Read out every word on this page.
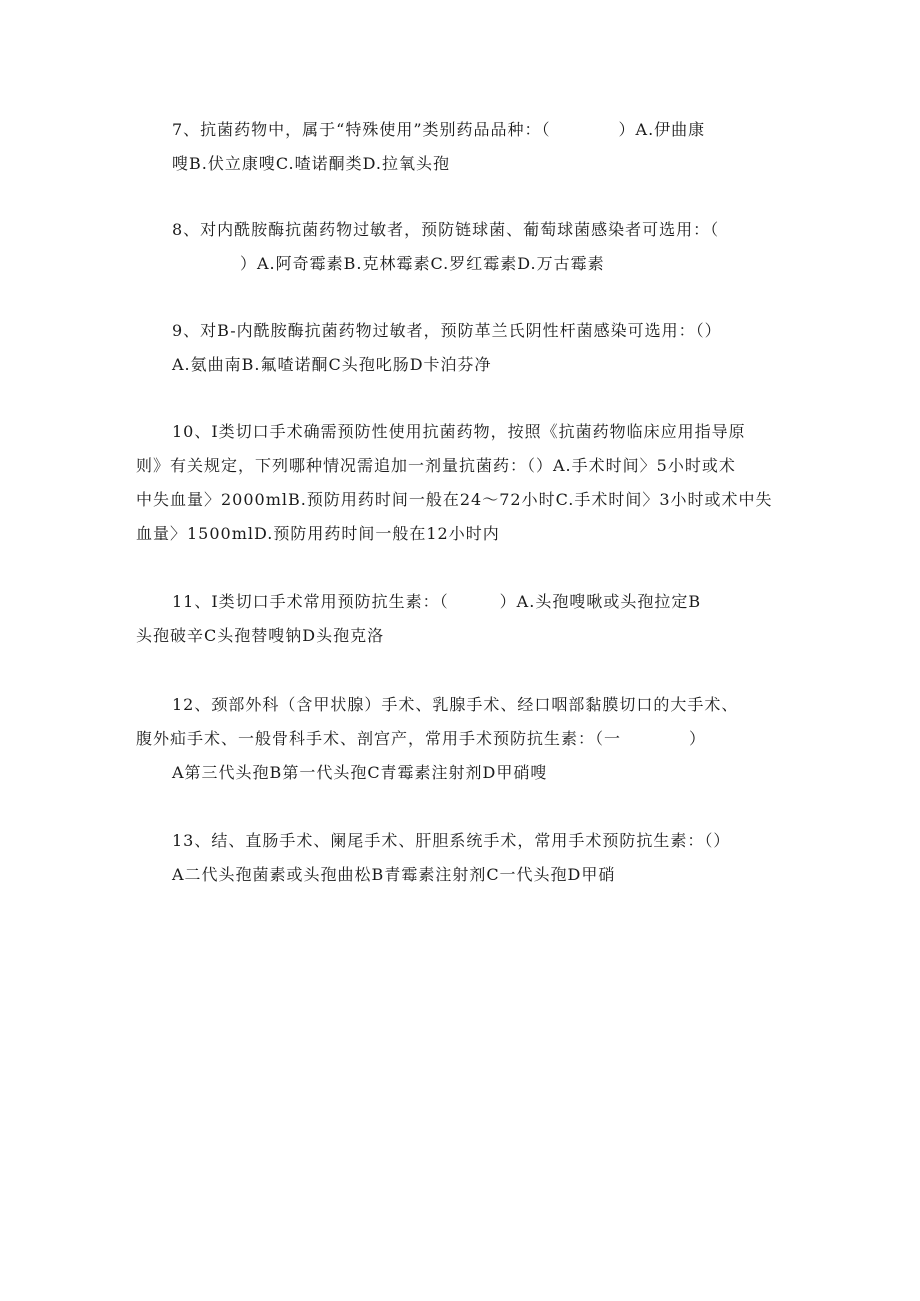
7、抗菌药物中，属于“特殊使用”类别药品品种：（　　　　）A.伊曲康
嗖B.伏立康嗖C.喳诺酮类D.拉氧头孢
8、对内酰胺酶抗菌药物过敏者，预防链球菌、葡萄球菌感染者可选用：（
　　　　）A.阿奇霉素B.克林霉素C.罗红霉素D.万古霉素
9、对B-内酰胺酶抗菌药物过敏者，预防革兰氏阴性杆菌感染可选用：（）
A.氨曲南B.氟喳诺酮C头孢叱肠D卡泊芬净
10、I类切口手术确需预防性使用抗菌药物，按照《抗菌药物临床应用指导原
则》有关规定，下列哪种情况需追加一剂量抗菌药：（）A.手术时间〉5小时或术
中失血量〉2000mlB.预防用药时间一般在24～72小时C.手术时间〉3小时或术中失
血量〉1500mlD.预防用药时间一般在12小时内
11、I类切口手术常用预防抗生素：（　　　）A.头孢嗖啾或头孢拉定B
头孢破辛C头孢替嗖钠D头孢克洛
12、颈部外科（含甲状腺）手术、乳腺手术、经口咽部黏膜切口的大手术、
腹外疝手术、一般骨科手术、剖宫产，常用手术预防抗生素：（一　　　　）
A第三代头孢B第一代头孢C青霉素注射剂D甲硝嗖
13、结、直肠手术、阑尾手术、肝胆系统手术，常用手术预防抗生素：（）
A二代头孢菌素或头孢曲松B青霉素注射剂C一代头孢D甲硝
